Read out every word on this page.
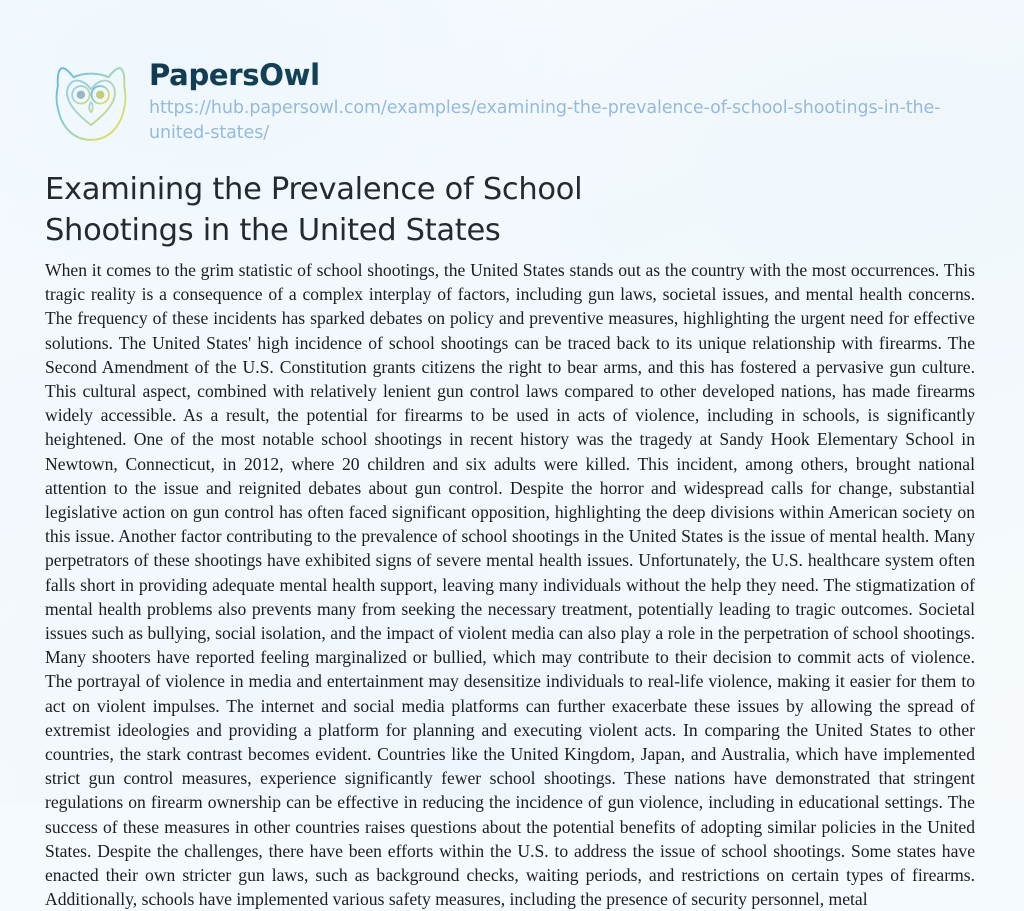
PapersOwl
https://hub.papersowl.com/examples/examining-the-prevalence-of-school-shootings-in-the-united-states/
Examining the Prevalence of School Shootings in the United States

When it comes to the grim statistic of school shootings, the United States stands out as the country with the most occurrences. This tragic reality is a consequence of a complex interplay of factors, including gun laws, societal issues, and mental health concerns. The frequency of these incidents has sparked debates on policy and preventive measures, highlighting the urgent need for effective solutions. The United States' high incidence of school shootings can be traced back to its unique relationship with firearms. The Second Amendment of the U.S. Constitution grants citizens the right to bear arms, and this has fostered a pervasive gun culture. This cultural aspect, combined with relatively lenient gun control laws compared to other developed nations, has made firearms widely accessible. As a result, the potential for firearms to be used in acts of violence, including in schools, is significantly heightened. One of the most notable school shootings in recent history was the tragedy at Sandy Hook Elementary School in Newtown, Connecticut, in 2012, where 20 children and six adults were killed. This incident, among others, brought national attention to the issue and reignited debates about gun control. Despite the horror and widespread calls for change, substantial legislative action on gun control has often faced significant opposition, highlighting the deep divisions within American society on this issue. Another factor contributing to the prevalence of school shootings in the United States is the issue of mental health. Many perpetrators of these shootings have exhibited signs of severe mental health issues. Unfortunately, the U.S. healthcare system often falls short in providing adequate mental health support, leaving many individuals without the help they need. The stigmatization of mental health problems also prevents many from seeking the necessary treatment, potentially leading to tragic outcomes. Societal issues such as bullying, social isolation, and the impact of violent media can also play a role in the perpetration of school shootings. Many shooters have reported feeling marginalized or bullied, which may contribute to their decision to commit acts of violence. The portrayal of violence in media and entertainment may desensitize individuals to real-life violence, making it easier for them to act on violent impulses. The internet and social media platforms can further exacerbate these issues by allowing the spread of extremist ideologies and providing a platform for planning and executing violent acts. In comparing the United States to other countries, the stark contrast becomes evident. Countries like the United Kingdom, Japan, and Australia, which have implemented strict gun control measures, experience significantly fewer school shootings. These nations have demonstrated that stringent regulations on firearm ownership can be effective in reducing the incidence of gun violence, including in educational settings. The success of these measures in other countries raises questions about the potential benefits of adopting similar policies in the United States. Despite the challenges, there have been efforts within the U.S. to address the issue of school shootings. Some states have enacted their own stricter gun laws, such as background checks, waiting periods, and restrictions on certain types of firearms. Additionally, schools have implemented various safety measures, including the presence of security personnel, metal
